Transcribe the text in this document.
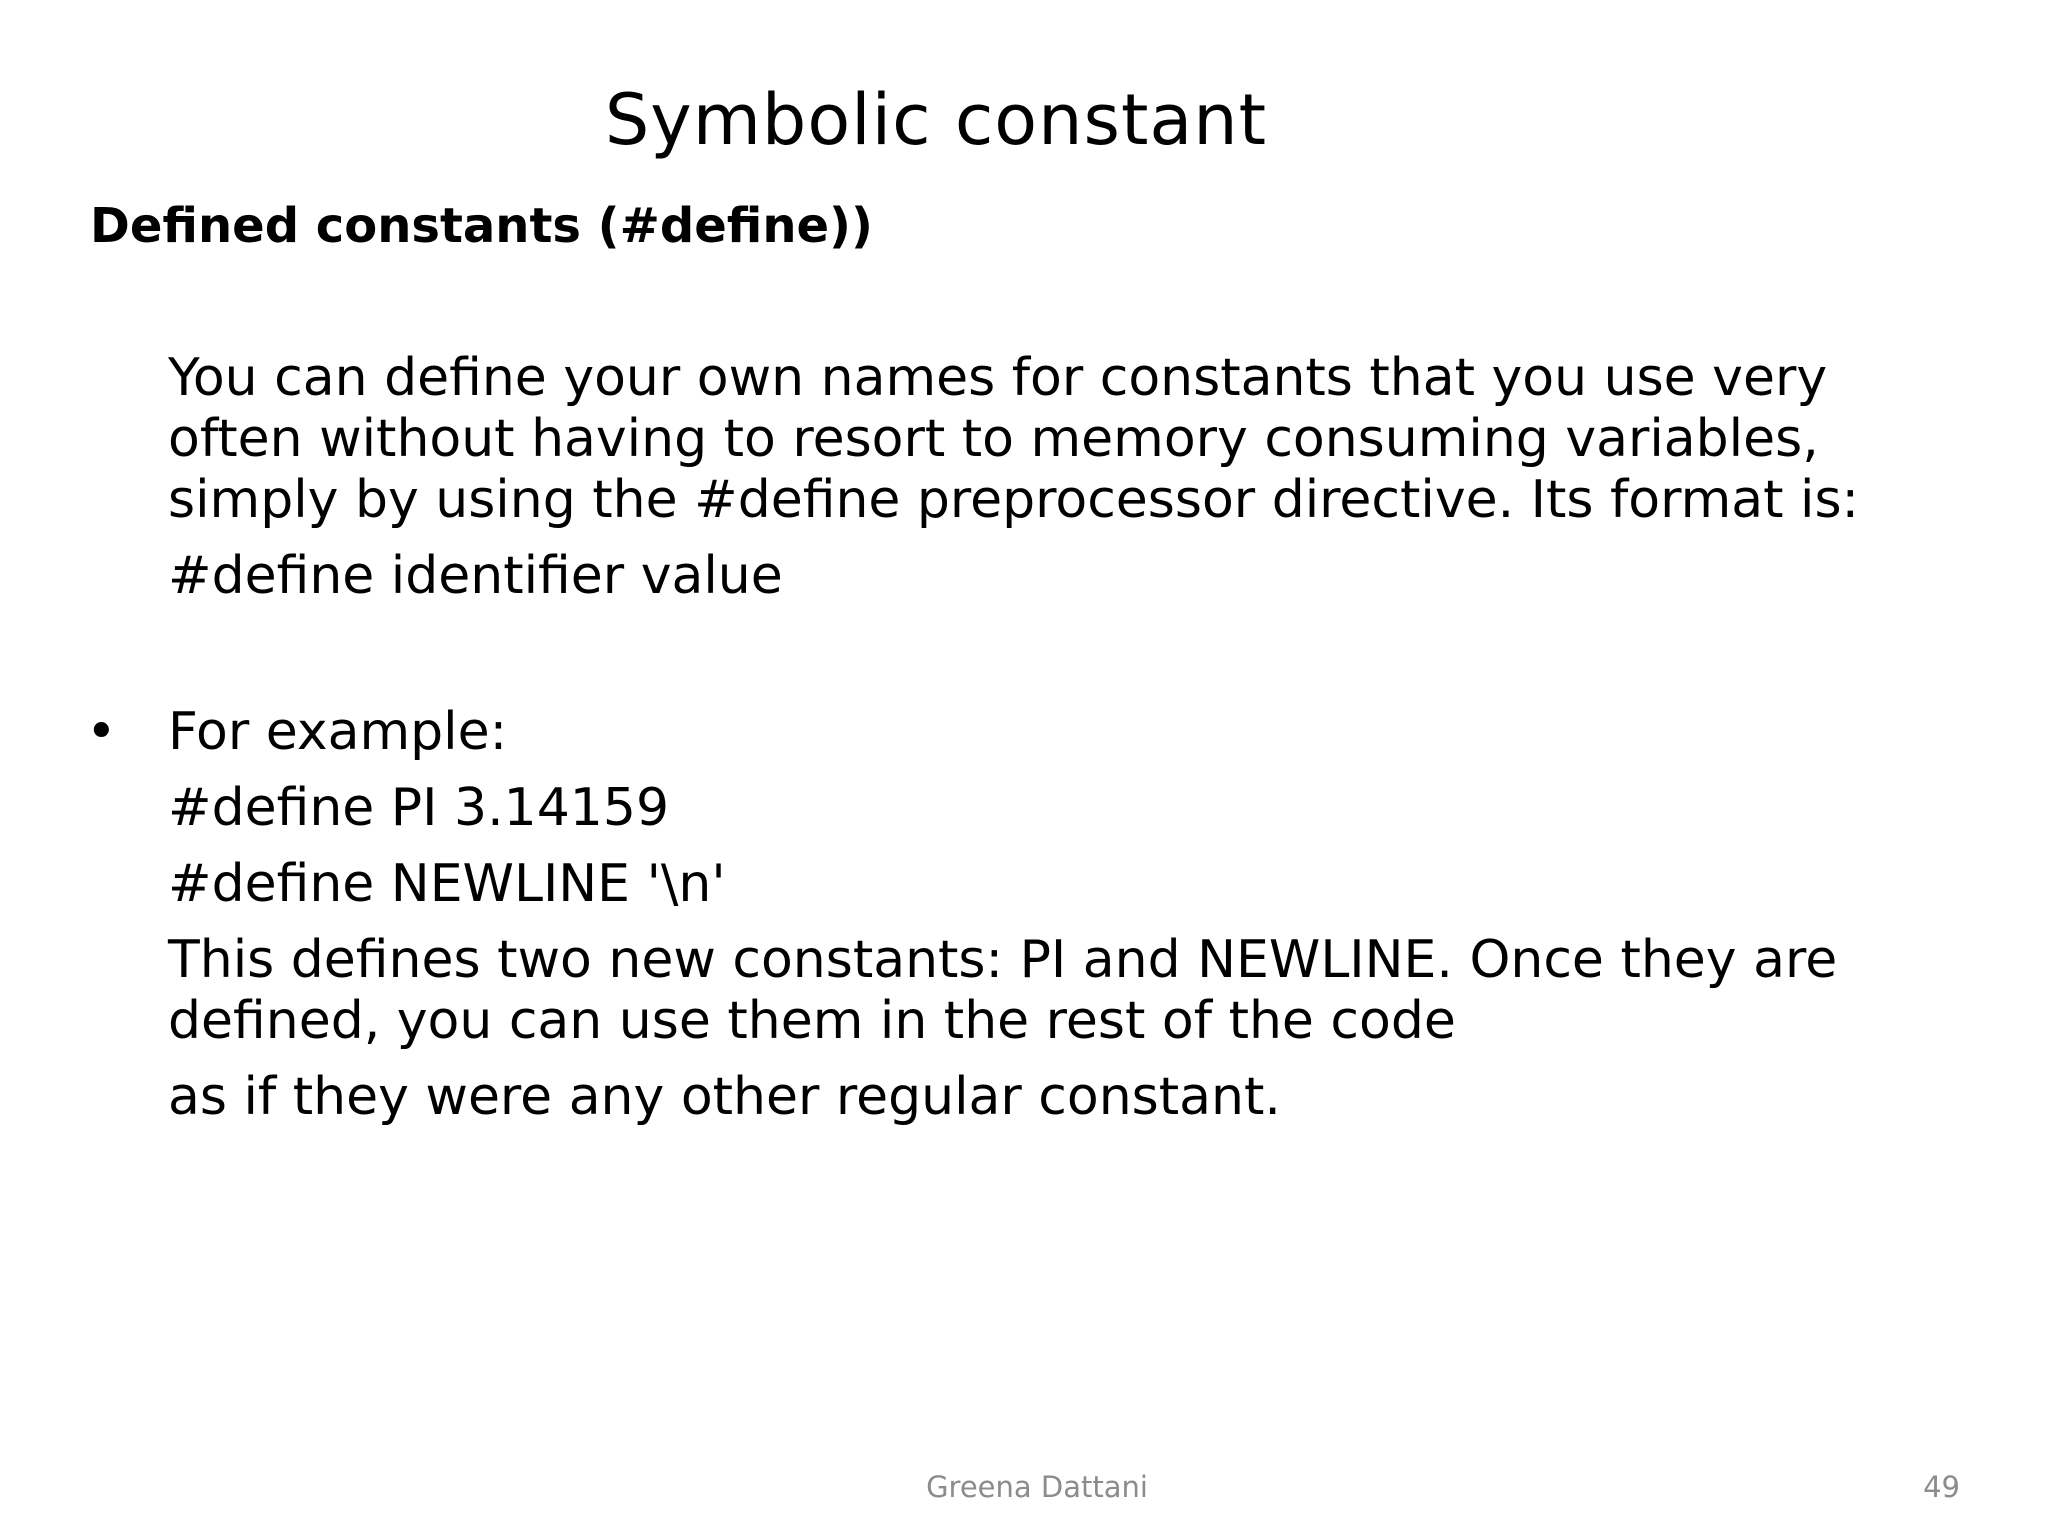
Symbolic constant
Defined constants (#define))
You can define your own names for constants that you use very
often without having to resort to memory consuming variables,
simply by using the #define preprocessor directive. Its format is:
#define identifier value
• For example:
#define PI 3.14159
#define NEWLINE '\n'
This defines two new constants: PI and NEWLINE. Once they are
defined, you can use them in the rest of the code
as if they were any other regular constant.
Greena Dattani	49
